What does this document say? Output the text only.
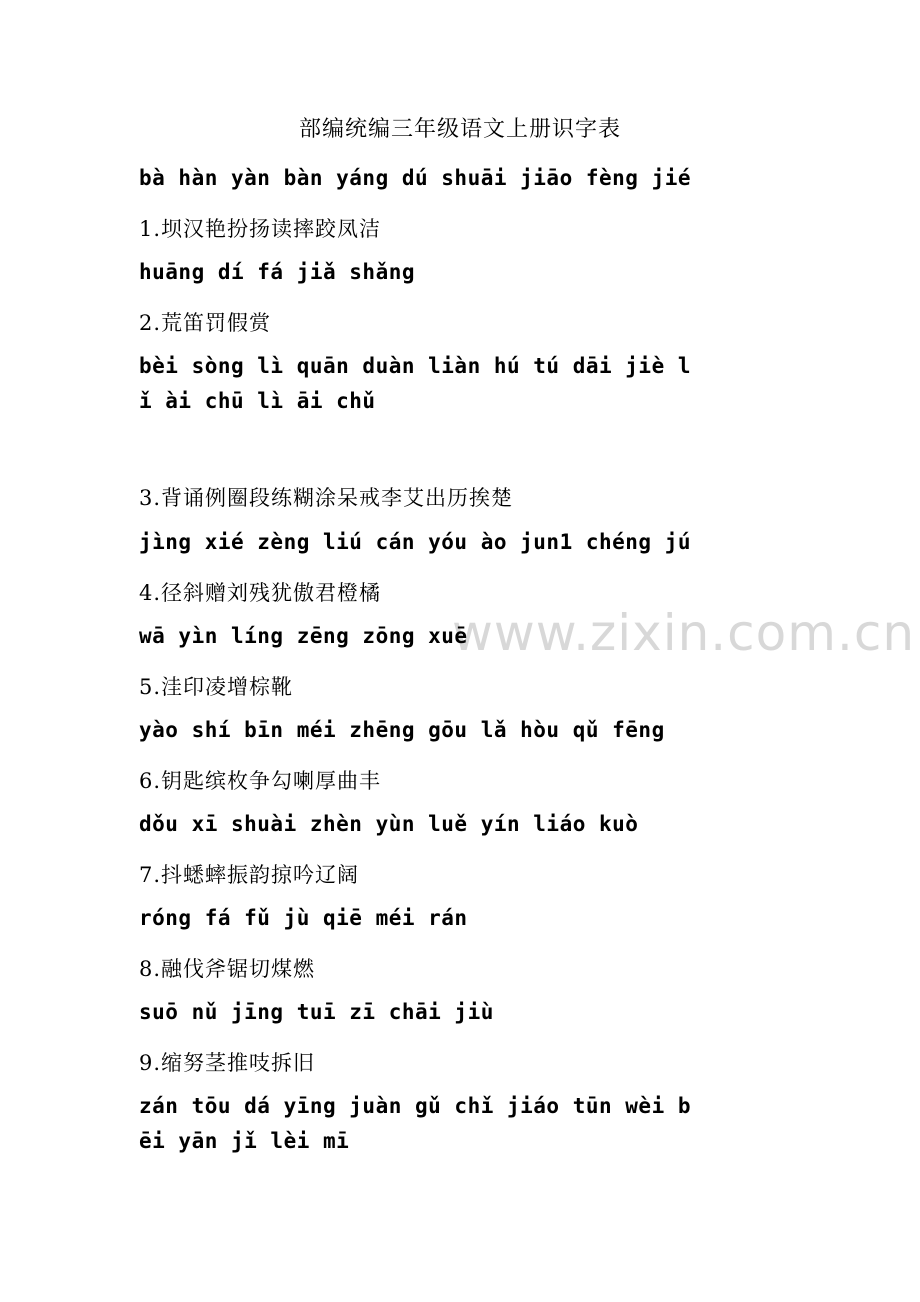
www.zixin.com.cn
部编统编三年级语文上册识字表
bà hàn yàn bàn yáng dú shuāi jiāo fèng jié
1.坝汉艳扮扬读摔跤凤洁
huāng dí fá jiǎ shǎng
2.荒笛罚假赏
bèi sòng lì quān duàn liàn hú tú dāi jiè l
ǐ ài chū lì āi chǔ
3.背诵例圈段练糊涂呆戒李艾出历挨楚
jìng xié zèng liú cán yóu ào jun1 chéng jú
4.径斜赠刘残犹傲君橙橘
wā yìn líng zēng zōng xuē
5.洼印凌增棕靴
yào shí bīn méi zhēng gōu lǎ hòu qǔ fēng
6.钥匙缤枚争勾喇厚曲丰
dǒu xī shuài zhèn yùn luě yín liáo kuò
7.抖蟋蟀振韵掠吟辽阔
róng fá fǔ jù qiē méi rán
8.融伐斧锯切煤燃
suō nǔ jīng tuī zī chāi jiù
9.缩努茎推吱拆旧
zán tōu dá yīng juàn gǔ chǐ jiáo tūn wèi b
ēi yān jǐ lèi mī
